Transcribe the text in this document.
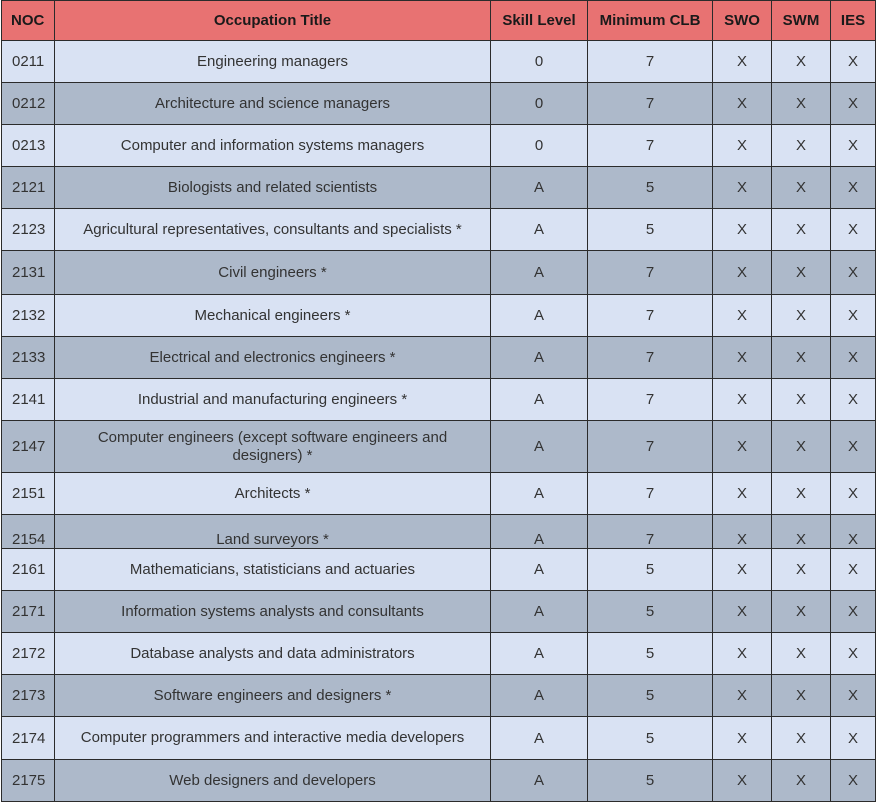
NOC	Occupation Title	Skill Level	Minimum CLB	SWO	SWM	IES
0211	Engineering managers	0	7	X	X	X
0212	Architecture and science managers	0	7	X	X	X
0213	Computer and information systems managers	0	7	X	X	X
2121	Biologists and related scientists	A	5	X	X	X
2123	Agricultural representatives, consultants and specialists *	A	5	X	X	X
2131	Civil engineers *	A	7	X	X	X
2132	Mechanical engineers *	A	7	X	X	X
2133	Electrical and electronics engineers *	A	7	X	X	X
2141	Industrial and manufacturing engineers *	A	7	X	X	X
2147	Computer engineers (except software engineers and designers) *	A	7	X	X	X
2151	Architects *	A	7	X	X	X

2154	Land surveyors *	A	7	X	X	X

2161	Mathematicians, statisticians and actuaries	A	5	X	X	X
2171	Information systems analysts and consultants	A	5	X	X	X
2172	Database analysts and data administrators	A	5	X	X	X
2173	Software engineers and designers *	A	5	X	X	X
2174	Computer programmers and interactive media developers	A	5	X	X	X
2175	Web designers and developers	A	5	X	X	X
